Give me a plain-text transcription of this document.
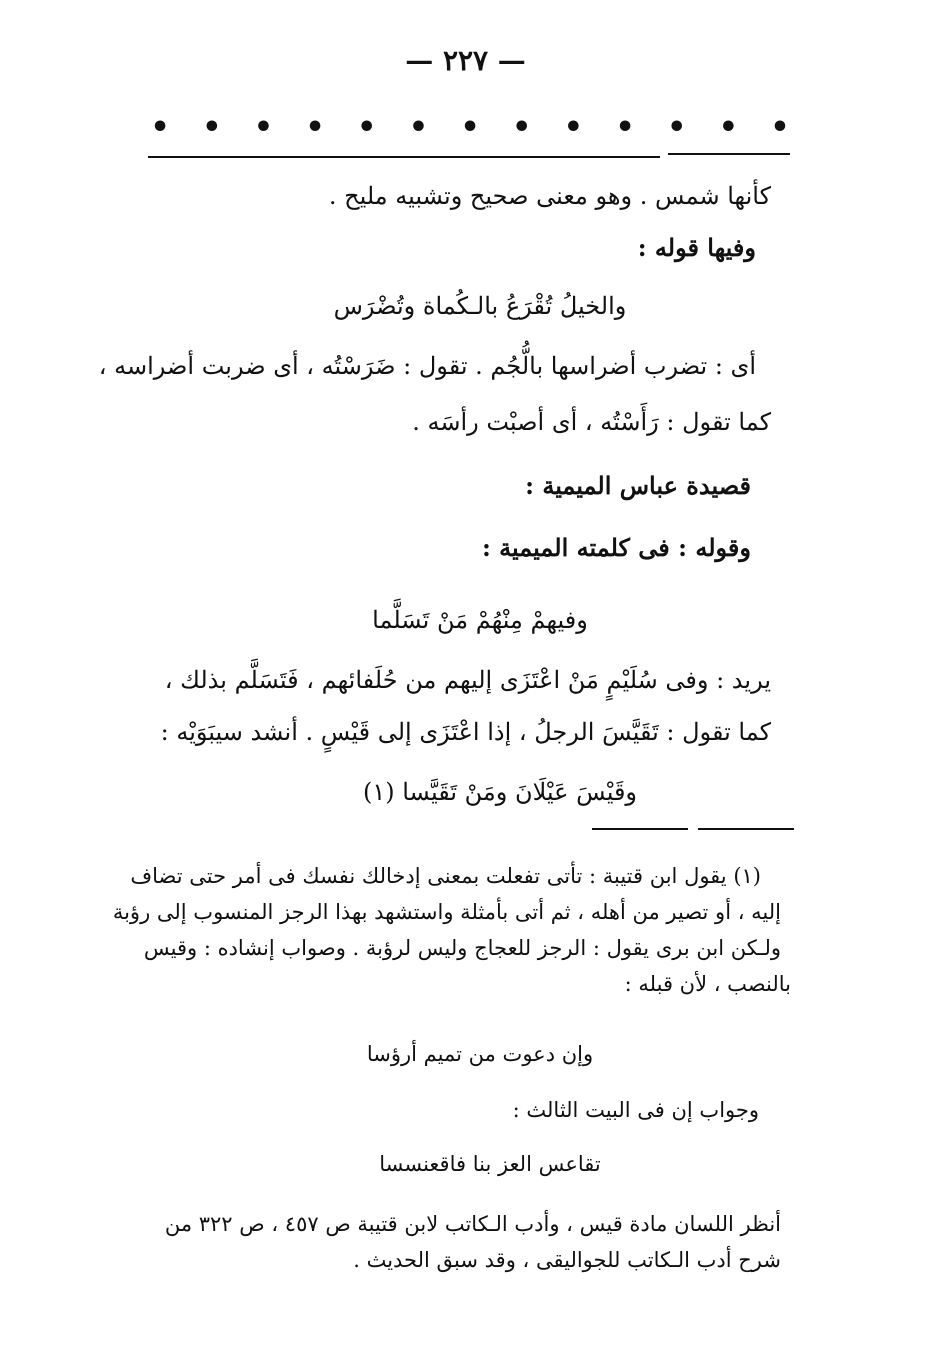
— ٢٢٧ —
•
•
•
•
•
•
•
•
•
•
•
•
•
كأنها شمس . وهو معنى صحيح وتشبيه مليح .
وفيها قوله :
والخيلُ تُقْرَعُ بالـكُماة وتُضْرَس
أى : تضرب أضراسها بالُّجُم . تقول : ضَرَسْتُه ، أى ضربت أضراسه ،
كما تقول : رَأَسْتُه ، أى أصبْت رأسَه .
قصيدة عباس الميمية :
وقوله : فى كلمته الميمية :
وفيهمْ مِنْهُمْ مَنْ تَسَلَّما
يريد : وفى سُلَيْمٍ مَنْ اعْتَزَى إليهم من حُلَفائهم ، فَتَسَلَّم بذلك ،
كما تقول : تَقَيَّسَ الرجلُ ، إذا اعْتَزَى إلى قَيْسٍ . أنشد سيبَوَيْه :
وقَيْسَ عَيْلَانَ ومَنْ تَقَيَّسا (١)
(١) يقول ابن قتيبة : تأتى تفعلت بمعنى إدخالك نفسك فى أمر حتى تضاف
إليه ، أو تصير من أهله ، ثم أتى بأمثلة واستشهد بهذا الرجز المنسوب إلى رؤبة
ولـكن ابن برى يقول : الرجز للعجاج وليس لرؤبة . وصواب إنشاده : وقيس
بالنصب ، لأن قبله :
وإن دعوت من تميم أرؤسا
وجواب إن فى البيت الثالث :
تقاعس العز بنا فاقعنسسا
أنظر اللسان مادة قيس ، وأدب الـكاتب لابن قتيبة ص ٤٥٧ ، ص ٣٢٢ من
شرح أدب الـكاتب للجواليقى ، وقد سبق الحديث .
